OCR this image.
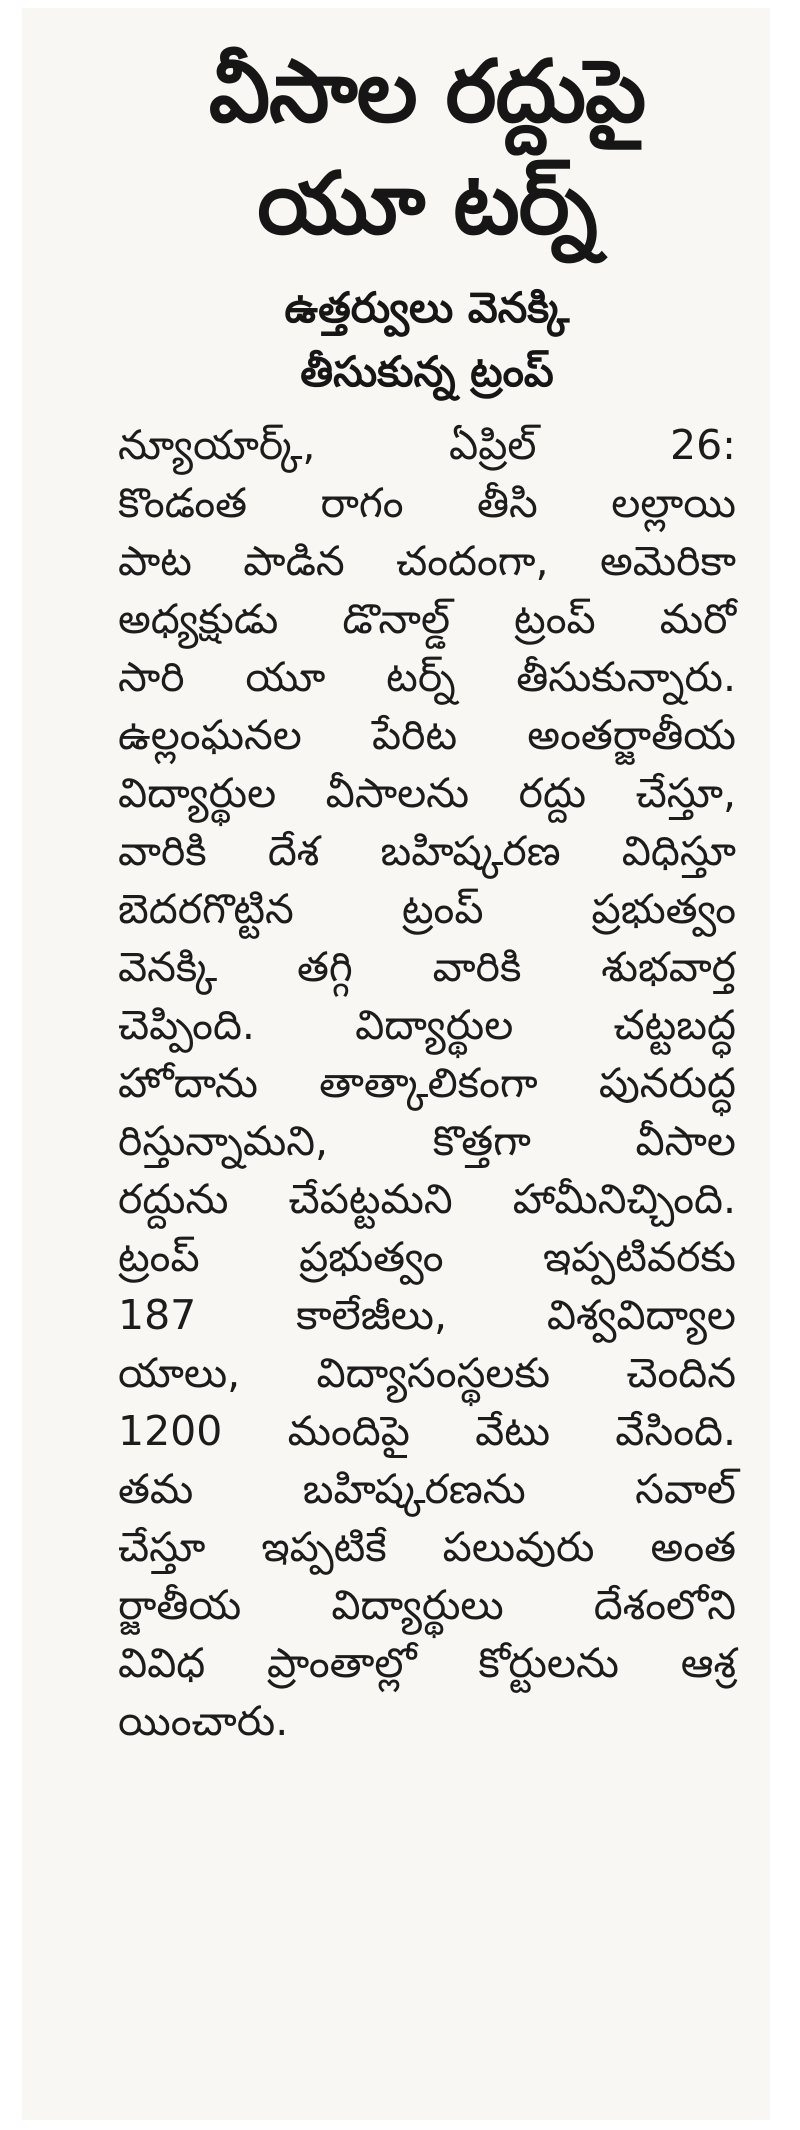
వీసాల రద్దుపై
యూ టర్న్‌
ఉత్తర్వులు వెనక్కి
తీసుకున్న ట్రంప్‌

న్యూయార్క్‌, ఏప్రిల్‌ 26:

కొండంత రాగం తీసి లల్లాయి

పాట పాడిన చందంగా, అమెరికా

అధ్యక్షుడు డొనాల్డ్‌ ట్రంప్‌ మరో

సారి యూ టర్న్‌ తీసుకున్నారు.

ఉల్లంఘనల పేరిట అంతర్జాతీయ

విద్యార్థుల వీసాలను రద్దు చేస్తూ,

వారికి దేశ బహిష్కరణ విధిస్తూ

బెదరగొట్టిన ట్రంప్‌ ప్రభుత్వం

వెనక్కి తగ్గి వారికి శుభవార్త

చెప్పింది. విద్యార్థుల చట్టబద్ధ

హోదాను తాత్కాలికంగా పునరుద్ధ

రిస్తున్నామని, కొత్తగా వీసాల

రద్దును చేపట్టమని హామీనిచ్చింది.

ట్రంప్‌ ప్రభుత్వం ఇప్పటివరకు

187 కాలేజీలు, విశ్వవిద్యాల

యాలు, విద్యాసంస్థలకు చెందిన

1200 మందిపై వేటు వేసింది.

తమ బహిష్కరణను సవాల్‌

చేస్తూ ఇప్పటికే పలువురు అంత

ర్జాతీయ విద్యార్థులు దేశంలోని

వివిధ ప్రాంతాల్లో కోర్టులను ఆశ్ర

యించారు.
